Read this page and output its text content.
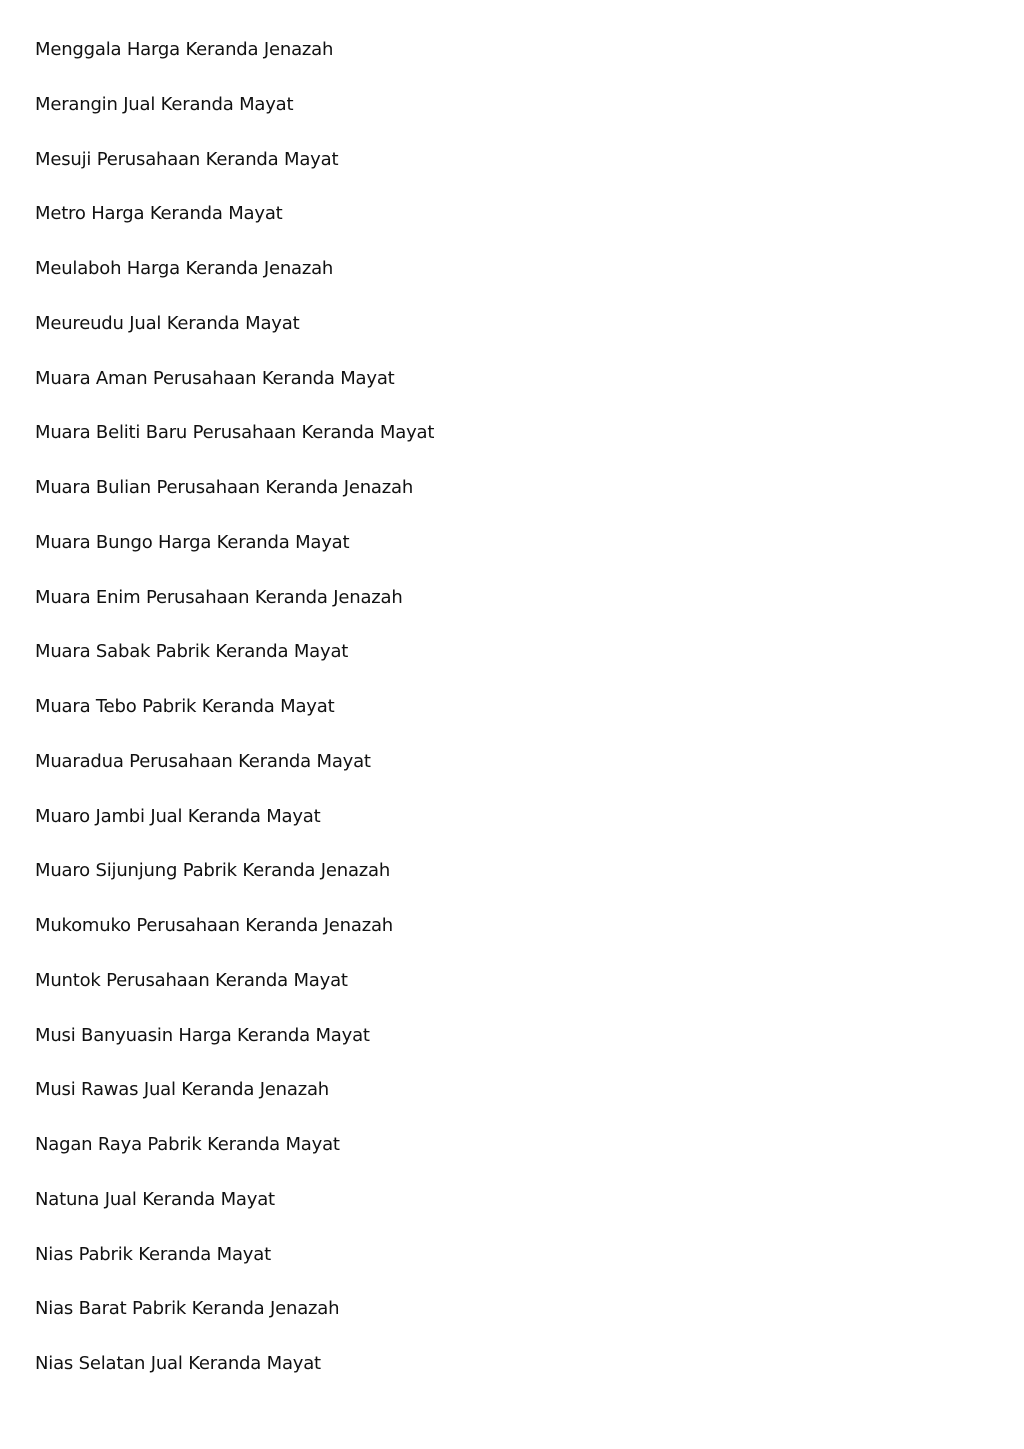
Menggala Harga Keranda Jenazah
Merangin Jual Keranda Mayat
Mesuji Perusahaan Keranda Mayat
Metro Harga Keranda Mayat
Meulaboh Harga Keranda Jenazah
Meureudu Jual Keranda Mayat
Muara Aman Perusahaan Keranda Mayat
Muara Beliti Baru Perusahaan Keranda Mayat
Muara Bulian Perusahaan Keranda Jenazah
Muara Bungo Harga Keranda Mayat
Muara Enim Perusahaan Keranda Jenazah
Muara Sabak Pabrik Keranda Mayat
Muara Tebo Pabrik Keranda Mayat
Muaradua Perusahaan Keranda Mayat
Muaro Jambi Jual Keranda Mayat
Muaro Sijunjung Pabrik Keranda Jenazah
Mukomuko Perusahaan Keranda Jenazah
Muntok Perusahaan Keranda Mayat
Musi Banyuasin Harga Keranda Mayat
Musi Rawas Jual Keranda Jenazah
Nagan Raya Pabrik Keranda Mayat
Natuna Jual Keranda Mayat
Nias Pabrik Keranda Mayat
Nias Barat Pabrik Keranda Jenazah
Nias Selatan Jual Keranda Mayat
